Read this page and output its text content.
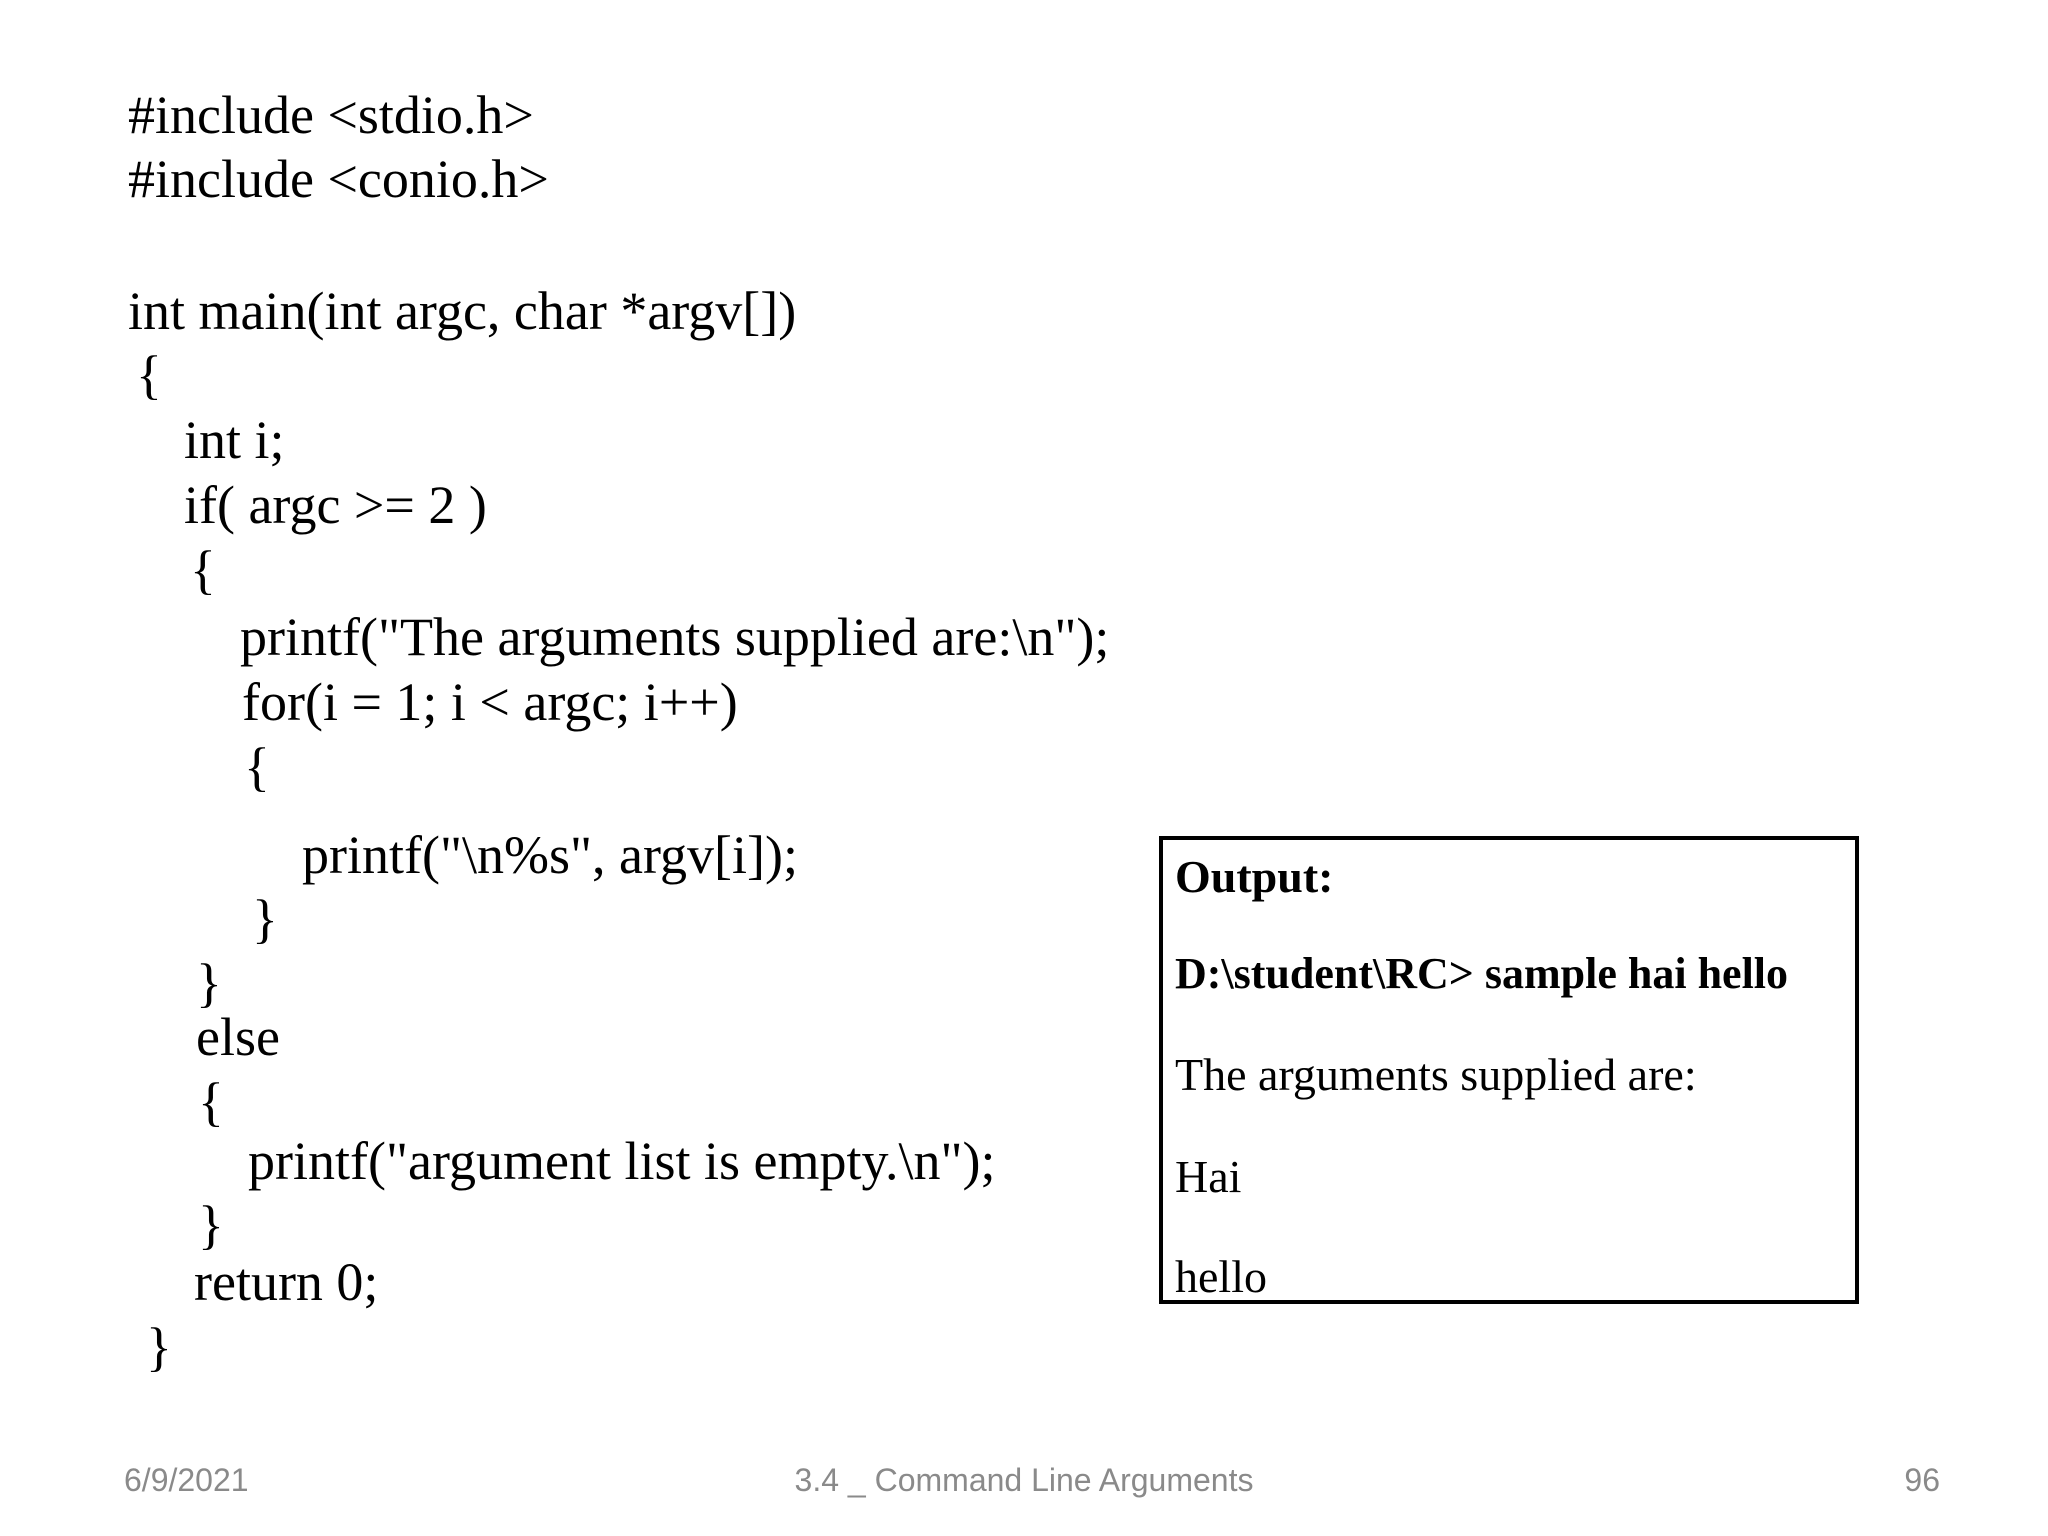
#include <stdio.h>
#include <conio.h>
int main(int argc, char *argv[])
{
int i;
if( argc >= 2 )
{
printf("The arguments supplied are:\n");
for(i = 1; i < argc; i++)
{
printf("\n%s", argv[i]);
}
}
else
{
printf("argument list is empty.\n");
}
return 0;
}
Output:
D:\student\RC> sample hai hello
The arguments supplied are:
Hai
hello
6/9/2021	3.4 _ Command Line Arguments	96
